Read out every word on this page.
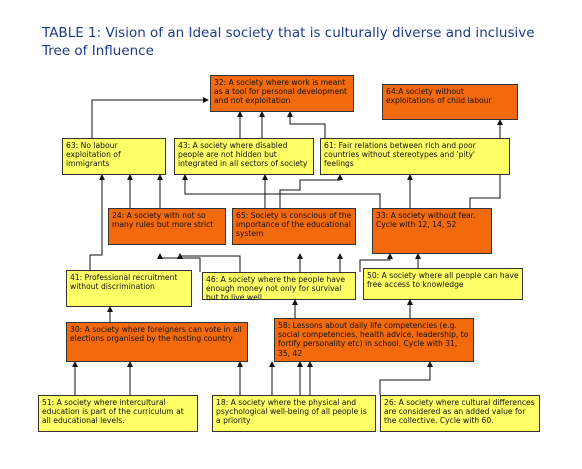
TABLE 1: Vision of an Ideal society that is culturally diverse and inclusive Tree of Influence
32: A society where work is meant as a tool for personal development and not exploitation
64:A society without exploitations of child labour
63: No labour exploitation of immigrants
43: A society where disabled people are not hidden but integrated in all sectors of society
61: Fair relations between rich and poor countries without stereotypes and 'pity' feelings
24: A society with not so many rules but more strict
65: Society is conscious of the importance of the educational system
33: A society without fear. Cycle with 12, 14, 52
41: Professional recruitment without discrimination
46: A society where the people have enough money not only for survival but to live well
50: A society where all people can have free access to knowledge
30: A society where foreigners can vote in all elections organised by the hosting country
58: Lessons about daily life competencies (e.g. social competencies, health advice, leadership, to fortify personality etc) in school. Cycle with 31, 35, 42
51: A society where intercultural education is part of the curriculum at all educational levels.
18: A society where the physical and psychological well-being of all people is a priority
26: A society where cultural differences are considered as an added value for the collective. Cycle with 60.
